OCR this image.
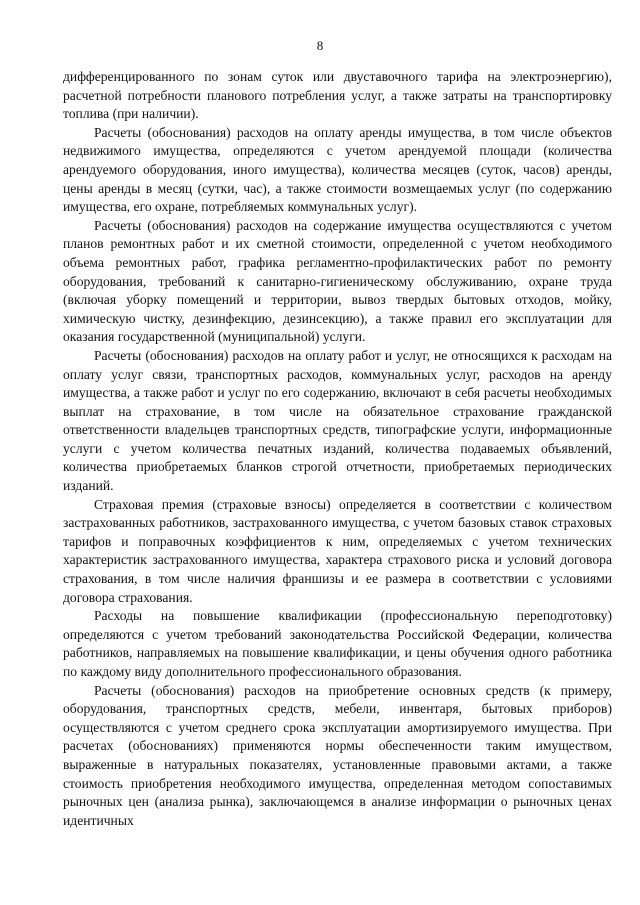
8

дифференцированного по зонам суток или двуставочного тарифа на электроэнергию), расчетной потребности планового потребления услуг, а также затраты на транспортировку топлива (при наличии).

Расчеты (обоснования) расходов на оплату аренды имущества, в том числе объектов недвижимого имущества, определяются с учетом арендуемой площади (количества арендуемого оборудования, иного имущества), количества месяцев (суток, часов) аренды, цены аренды в месяц (сутки, час), а также стоимости возмещаемых услуг (по содержанию имущества, его охране, потребляемых коммунальных услуг).

Расчеты (обоснования) расходов на содержание имущества осуществляются с учетом планов ремонтных работ и их сметной стоимости, определенной с учетом необходимого объема ремонтных работ, графика регламентно-профилактических работ по ремонту оборудования, требований к санитарно-гигиеническому обслуживанию, охране труда (включая уборку помещений и территории, вывоз твердых бытовых отходов, мойку, химическую чистку, дезинфекцию, дезинсекцию), а также правил его эксплуатации для оказания государственной (муниципальной) услуги.

Расчеты (обоснования) расходов на оплату работ и услуг, не относящихся к расходам на оплату услуг связи, транспортных расходов, коммунальных услуг, расходов на аренду имущества, а также работ и услуг по его содержанию, включают в себя расчеты необходимых выплат на страхование, в том числе на обязательное страхование гражданской ответственности владельцев транспортных средств, типографские услуги, информационные услуги с учетом количества печатных изданий, количества подаваемых объявлений, количества приобретаемых бланков строгой отчетности, приобретаемых периодических изданий.

Страховая премия (страховые взносы) определяется в соответствии с количеством застрахованных работников, застрахованного имущества, с учетом базовых ставок страховых тарифов и поправочных коэффициентов к ним, определяемых с учетом технических характеристик застрахованного имущества, характера страхового риска и условий договора страхования, в том числе наличия франшизы и ее размера в соответствии с условиями договора страхования.

Расходы на повышение квалификации (профессиональную переподготовку) определяются с учетом требований законодательства Российской Федерации, количества работников, направляемых на повышение квалификации, и цены обучения одного работника по каждому виду дополнительного профессионального образования.

Расчеты (обоснования) расходов на приобретение основных средств (к примеру, оборудования, транспортных средств, мебели, инвентаря, бытовых приборов) осуществляются с учетом среднего срока эксплуатации амортизируемого имущества. При расчетах (обоснованиях) применяются нормы обеспеченности таким имуществом, выраженные в натуральных показателях, установленные правовыми актами, а также стоимость приобретения необходимого имущества, определенная методом сопоставимых рыночных цен (анализа рынка), заключающемся в анализе информации о рыночных ценах идентичных
